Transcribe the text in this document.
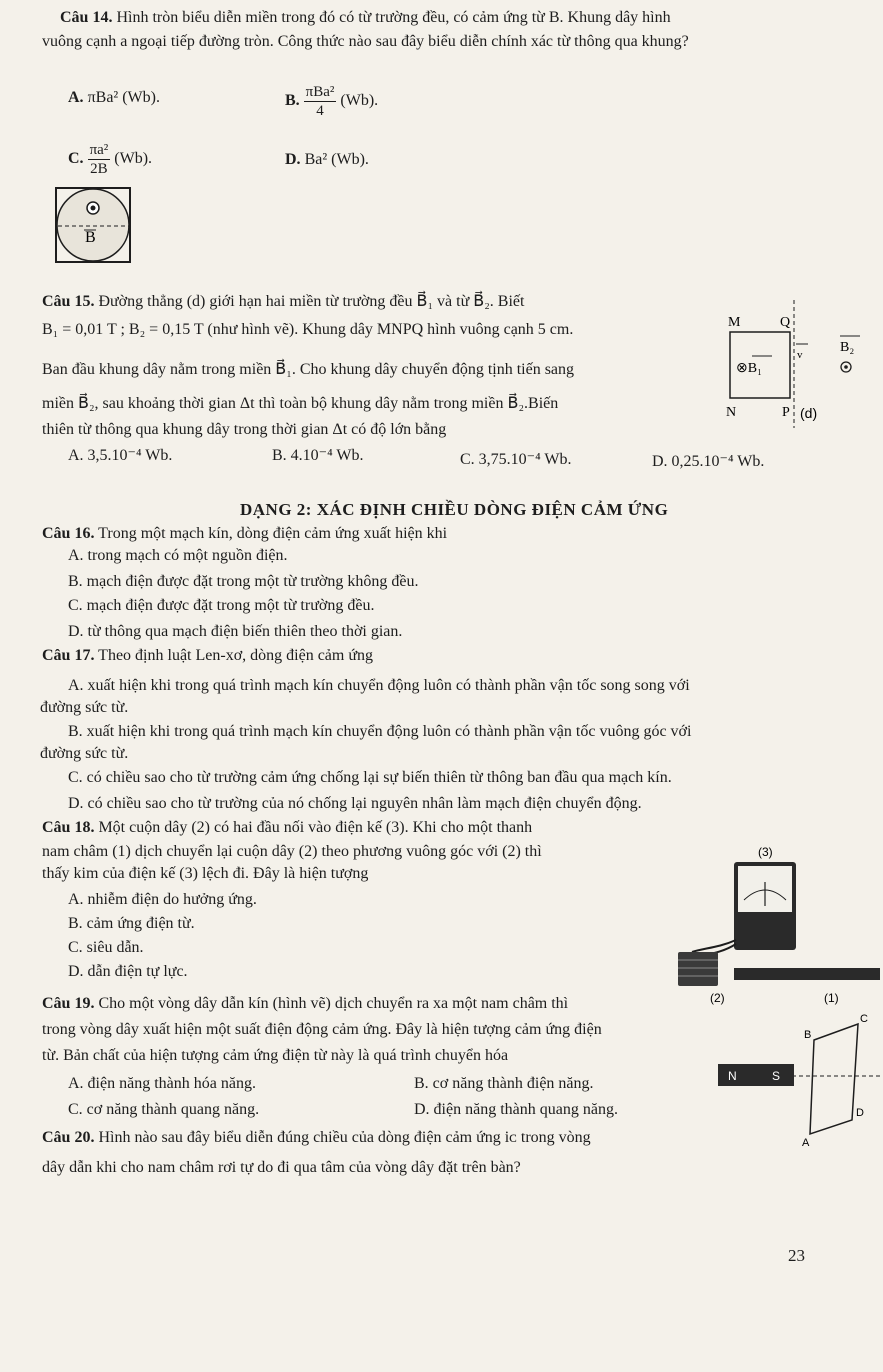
Câu 14. Hình tròn biểu diễn miền trong đó có từ trường đều, có cảm ứng từ B. Khung dây hình
vuông cạnh a ngoại tiếp đường tròn. Công thức nào sau đây biểu diễn chính xác từ thông qua khung?
A. πBa² (Wb).	B. $\frac{\text{πBa²}}{4} (Wb)$.
C. $\frac{\text{πa²}}{2B} (Wb)$.	D. Ba² (Wb).
B
Câu 15. Đường thẳng (d) giới hạn hai miền từ trường đều B⃗₁ và từ B⃗₂. Biết
B₁ = 0,01 T ; B₂ = 0,15 T (như hình vẽ). Khung dây MNPQ hình vuông cạnh 5 cm.
Ban đầu khung dây nằm trong miền B⃗₁. Cho khung dây chuyển động tịnh tiến sang
miền B⃗₂, sau khoảng thời gian Δt thì toàn bộ khung dây nằm trong miền B⃗₂.Biến
thiên từ thông qua khung dây trong thời gian Δt có độ lớn bằng
A. 3,5.10⁻⁴ Wb.	B. 4.10⁻⁴ Wb.	C. 3,75.10⁻⁴ Wb.	D. 0,25.10⁻⁴ Wb.
M	Q
N	P (d)
⊗B₁
B₂
v
DẠNG 2: XÁC ĐỊNH CHIỀU DÒNG ĐIỆN CẢM ỨNG
Câu 16. Trong một mạch kín, dòng điện cảm ứng xuất hiện khi
A. trong mạch có một nguồn điện.
B. mạch điện được đặt trong một từ trường không đều.
C. mạch điện được đặt trong một từ trường đều.
D. từ thông qua mạch điện biến thiên theo thời gian.
Câu 17. Theo định luật Len-xơ, dòng điện cảm ứng
A. xuất hiện khi trong quá trình mạch kín chuyển động luôn có thành phần vận tốc song song với
đường sức từ.
B. xuất hiện khi trong quá trình mạch kín chuyển động luôn có thành phần vận tốc vuông góc với
đường sức từ.
C. có chiều sao cho từ trường cảm ứng chống lại sự biến thiên từ thông ban đầu qua mạch kín.
D. có chiều sao cho từ trường của nó chống lại nguyên nhân làm mạch điện chuyển động.
Câu 18. Một cuộn dây (2) có hai đầu nối vào điện kế (3). Khi cho một thanh
nam châm (1) dịch chuyển lại cuộn dây (2) theo phương vuông góc với (2) thì
thấy kim của điện kế (3) lệch đi. Đây là hiện tượng
A. nhiễm điện do hưởng ứng.
B. cảm ứng điện từ.
C. siêu dẫn.
D. dẫn điện tự lực.
(3)
(2)	(1)
Câu 19. Cho một vòng dây dẫn kín (hình vẽ) dịch chuyển ra xa một nam châm thì
trong vòng dây xuất hiện một suất điện động cảm ứng. Đây là hiện tượng cảm ứng điện
từ. Bản chất của hiện tượng cảm ứng điện từ này là quá trình chuyển hóa
A. điện năng thành hóa năng.	B. cơ năng thành điện năng.
C. cơ năng thành quang năng.	D. điện năng thành quang năng.
N	S
B
C
D
A
Câu 20. Hình nào sau đây biểu diễn đúng chiều của dòng điện cảm ứng iᴄ trong vòng
dây dẫn khi cho nam châm rơi tự do đi qua tâm của vòng dây đặt trên bàn?
23
